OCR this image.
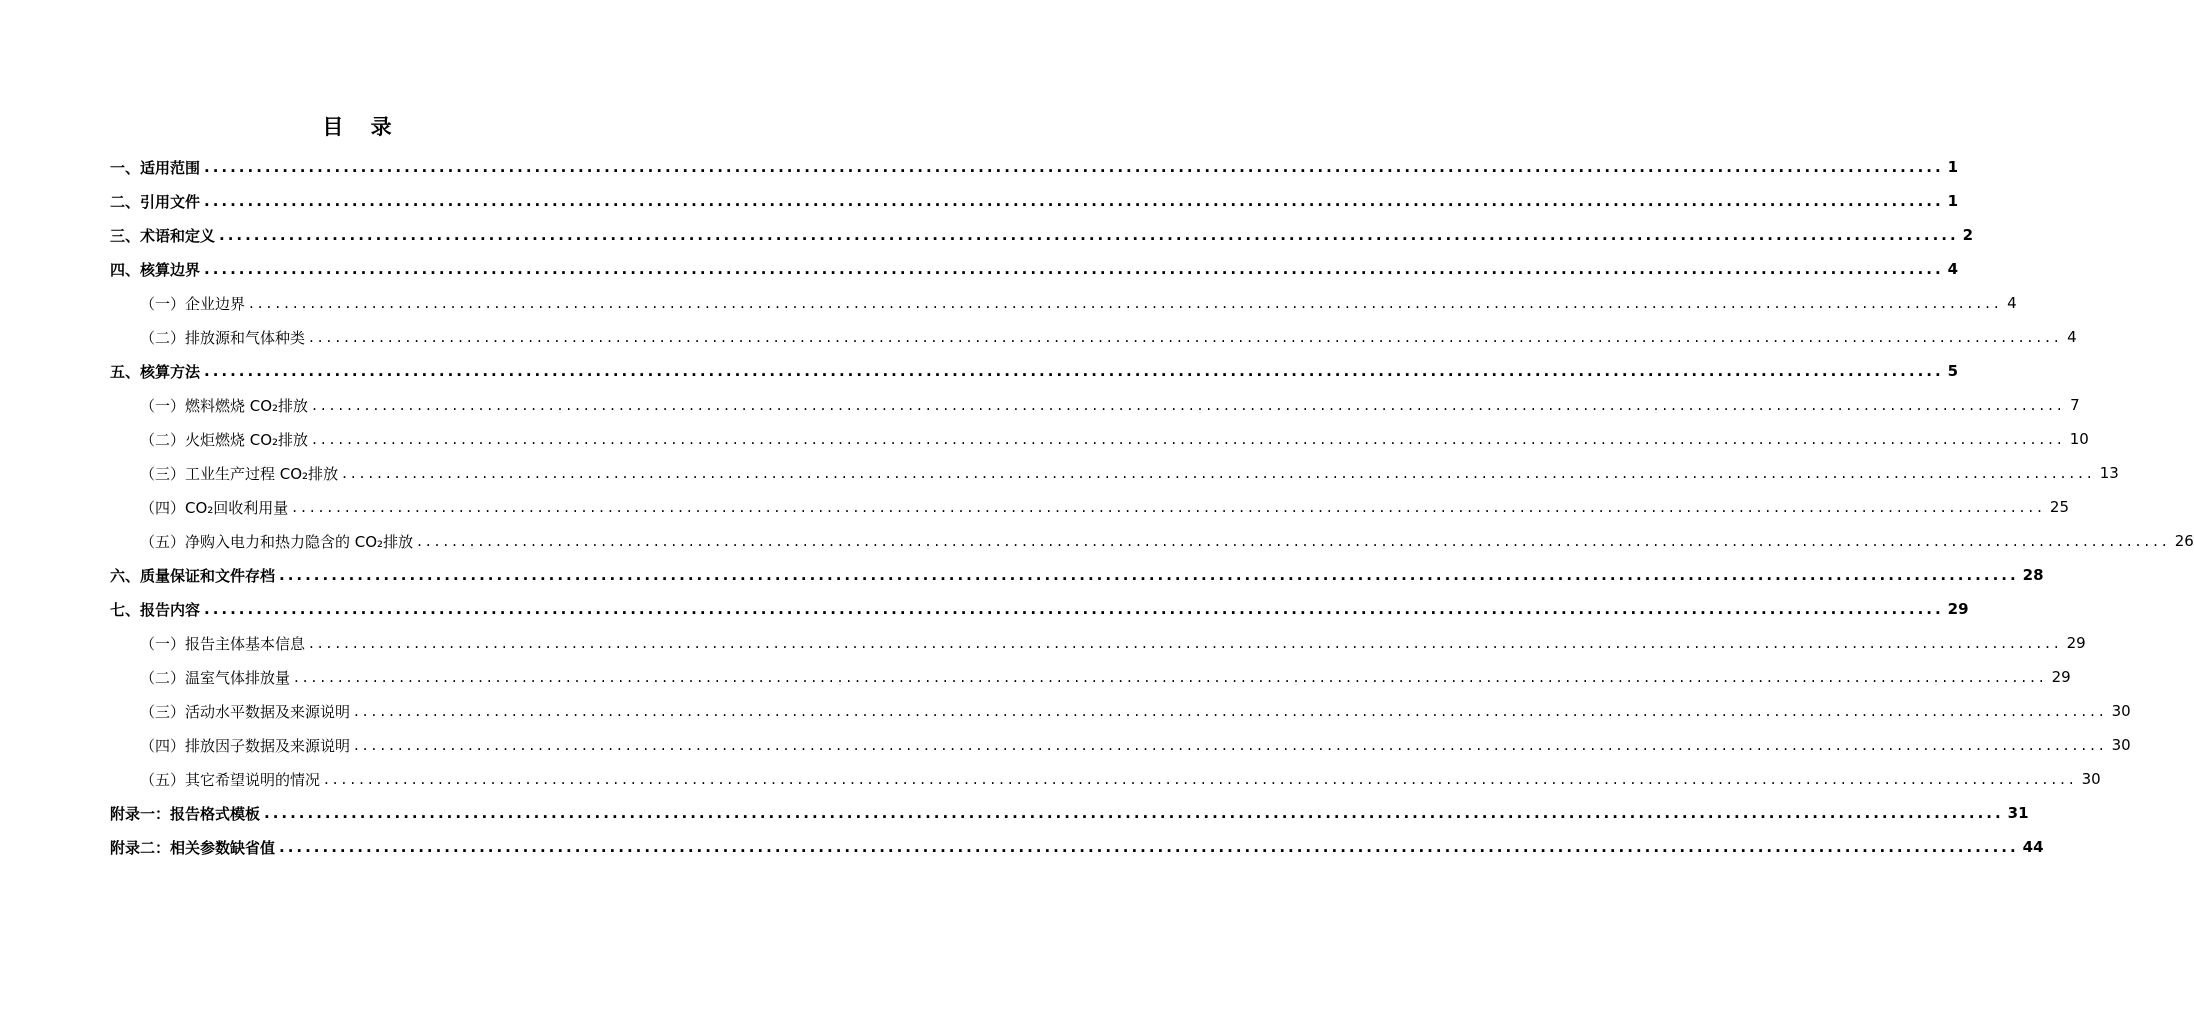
目 录
一、适用范围 ........................................................................................................................................................................................................ 1
二、引用文件 ........................................................................................................................................................................................................ 1
三、术语和定义 ........................................................................................................................................................................................................ 2
四、核算边界 ........................................................................................................................................................................................................ 4
（一）企业边界 ........................................................................................................................................................................................................ 4
（二）排放源和气体种类 ........................................................................................................................................................................................................ 4
五、核算方法 ........................................................................................................................................................................................................ 5
（一）燃料燃烧 CO₂排放 ........................................................................................................................................................................................................ 7
（二）火炬燃烧 CO₂排放 ........................................................................................................................................................................................................ 10
（三）工业生产过程 CO₂排放 ........................................................................................................................................................................................................ 13
（四）CO₂回收利用量 ........................................................................................................................................................................................................ 25
（五）净购入电力和热力隐含的 CO₂排放 ........................................................................................................................................................................................................ 26
六、质量保证和文件存档 ........................................................................................................................................................................................................ 28
七、报告内容 ........................................................................................................................................................................................................ 29
（一）报告主体基本信息 ........................................................................................................................................................................................................ 29
（二）温室气体排放量 ........................................................................................................................................................................................................ 29
（三）活动水平数据及来源说明 ........................................................................................................................................................................................................ 30
（四）排放因子数据及来源说明 ........................................................................................................................................................................................................ 30
（五）其它希望说明的情况 ........................................................................................................................................................................................................ 30
附录一：报告格式模板 ........................................................................................................................................................................................................ 31
附录二：相关参数缺省值 ........................................................................................................................................................................................................ 44
